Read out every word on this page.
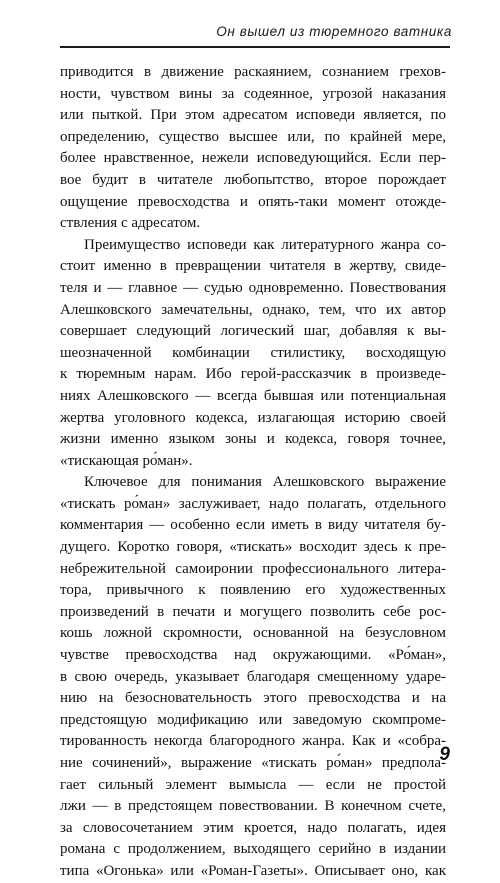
Он вышел из тюремного ватника
приводится в движение раскаянием, сознанием грехов-
ности, чувством вины за содеянное, угрозой наказания
или пыткой. При этом адресатом исповеди является, по
определению, существо высшее или, по крайней мере,
более нравственное, нежели исповедующийся. Если пер-
вое будит в читателе любопытство, второе порождает
ощущение превосходства и опять-таки момент отожде-
ствления с адресатом.
Преимущество исповеди как литературного жанра со-
стоит именно в превращении читателя в жертву, свиде-
теля и — главное — судью одновременно. Повествования
Алешковского замечательны, однако, тем, что их автор
совершает следующий логический шаг, добавляя к вы-
шеозначенной комбинации стилистику, восходящую
к тюремным нарам. Ибо герой-рассказчик в произведе-
ниях Алешковского — всегда бывшая или потенциальная
жертва уголовного кодекса, излагающая историю своей
жизни именно языком зоны и кодекса, говоря точнее,
«тискающая ро́ман».
Ключевое для понимания Алешковского выражение
«тискать ро́ман» заслуживает, надо полагать, отдельного
комментария — особенно если иметь в виду читателя бу-
дущего. Коротко говоря, «тискать» восходит здесь к пре-
небрежительной самоиронии профессионального литера-
тора, привычного к появлению его художественных
произведений в печати и могущего позволить себе рос-
кошь ложной скромности, основанной на безусловном
чувстве превосходства над окружающими. «Ро́ман»,
в свою очередь, указывает благодаря смещенному ударе-
нию на безосновательность этого превосходства и на
предстоящую модификацию или заведомую скомпроме-
тированность некогда благородного жанра. Как и «собра-
ние сочинений», выражение «тискать ро́ман» предпола-
гает сильный элемент вымысла — если не простой
лжи — в предстоящем повествовании. В конечном счете,
за словосочетанием этим кроется, надо полагать, идея
романа с продолжением, выходящего серийно в издании
типа «Огонька» или «Роман-Газеты». Описывает оно, как
9
